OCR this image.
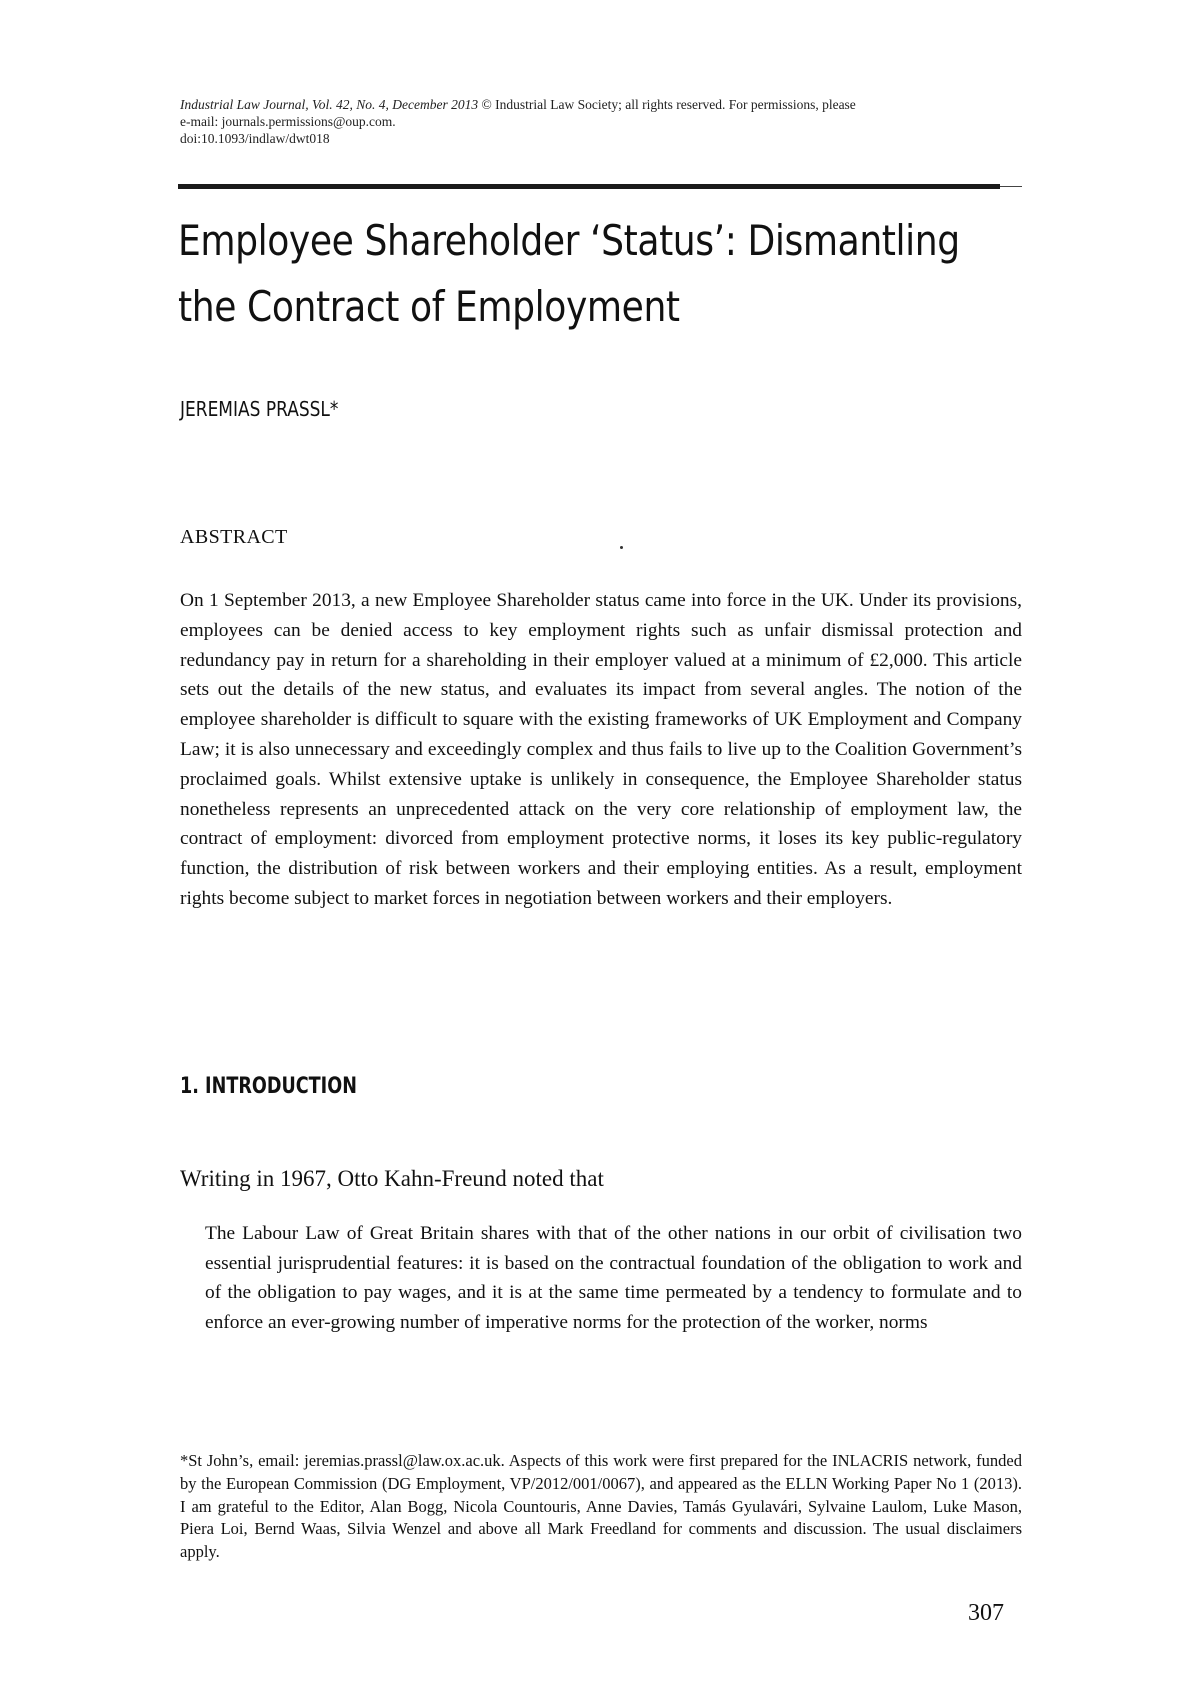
Industrial Law Journal, Vol. 42, No. 4, December 2013 © Industrial Law Society; all rights reserved. For permissions, please
e-mail: journals.permissions@oup.com.
doi:10.1093/indlaw/dwt018
Employee Shareholder ‘Status’: Dismantling
the Contract of Employment
JEREMIAS PRASSL*
ABSTRACT

On 1 September 2013, a new Employee Shareholder status came into force in the UK. Under its provisions, employees can be denied access to key employment rights such as unfair dismissal protection and redundancy pay in return for a shareholding in their employer valued at a minimum of £2,000. This article sets out the details of the new status, and evaluates its impact from several angles. The notion of the employee shareholder is difficult to square with the existing frameworks of UK Employment and Company Law; it is also unnecessary and exceedingly complex and thus fails to live up to the Coalition Government’s proclaimed goals. Whilst extensive uptake is unlikely in consequence, the Employee Shareholder status nonetheless represents an unprecedented attack on the very core relationship of employment law, the contract of employment: divorced from employment protective norms, it loses its key public-regulatory function, the distribution of risk between workers and their employing entities. As a result, employment rights become subject to market forces in negotiation between workers and their employers.

1. INTRODUCTION
Writing in 1967, Otto Kahn-Freund noted that

The Labour Law of Great Britain shares with that of the other nations in our orbit of civilisation two essential jurisprudential features: it is based on the contractual foundation of the obligation to work and of the obligation to pay wages, and it is at the same time permeated by a tendency to formulate and to enforce an ever-growing number of imperative norms for the protection of the worker, norms

*St John’s, email: jeremias.prassl@law.ox.ac.uk. Aspects of this work were first prepared for the INLACRIS network, funded by the European Commission (DG Employment, VP/2012/001/0067), and appeared as the ELLN Working Paper No 1 (2013). I am grateful to the Editor, Alan Bogg, Nicola Countouris, Anne Davies, Tamás Gyulavári, Sylvaine Laulom, Luke Mason, Piera Loi, Bernd Waas, Silvia Wenzel and above all Mark Freedland for comments and discussion. The usual disclaimers apply.

307
